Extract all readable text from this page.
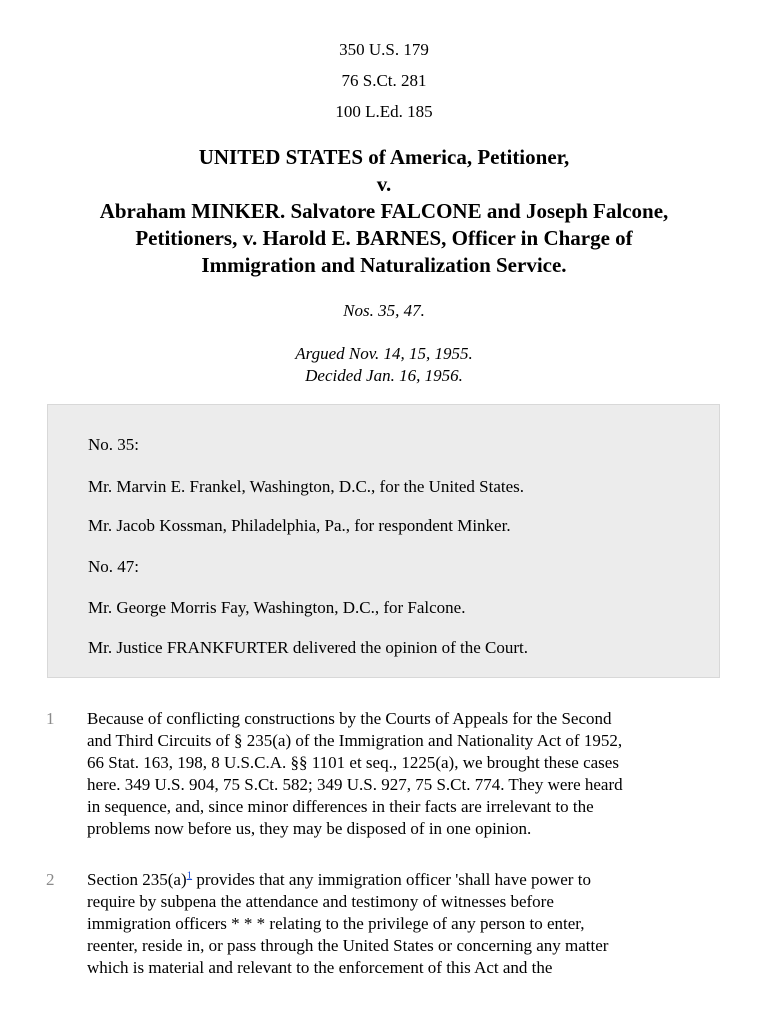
350 U.S. 179
76 S.Ct. 281
100 L.Ed. 185
UNITED STATES of America, Petitioner,
v.
Abraham MINKER. Salvatore FALCONE and Joseph Falcone,
Petitioners, v. Harold E. BARNES, Officer in Charge of
Immigration and Naturalization Service.
Nos. 35, 47.
Argued Nov. 14, 15, 1955.
Decided Jan. 16, 1956.
No. 35:
Mr. Marvin E. Frankel, Washington, D.C., for the United States.
Mr. Jacob Kossman, Philadelphia, Pa., for respondent Minker.
No. 47:
Mr. George Morris Fay, Washington, D.C., for Falcone.
Mr. Justice FRANKFURTER delivered the opinion of the Court.
1 Because of conflicting constructions by the Courts of Appeals for the Second
and Third Circuits of § 235(a) of the Immigration and Nationality Act of 1952,
66 Stat. 163, 198, 8 U.S.C.A. §§ 1101 et seq., 1225(a), we brought these cases
here. 349 U.S. 904, 75 S.Ct. 582; 349 U.S. 927, 75 S.Ct. 774. They were heard
in sequence, and, since minor differences in their facts are irrelevant to the
problems now before us, they may be disposed of in one opinion.
2 Section 235(a)$^1$ provides that any immigration officer 'shall have power to
require by subpena the attendance and testimony of witnesses before
immigration officers * * * relating to the privilege of any person to enter,
reenter, reside in, or pass through the United States or concerning any matter
which is material and relevant to the enforcement of this Act and the
